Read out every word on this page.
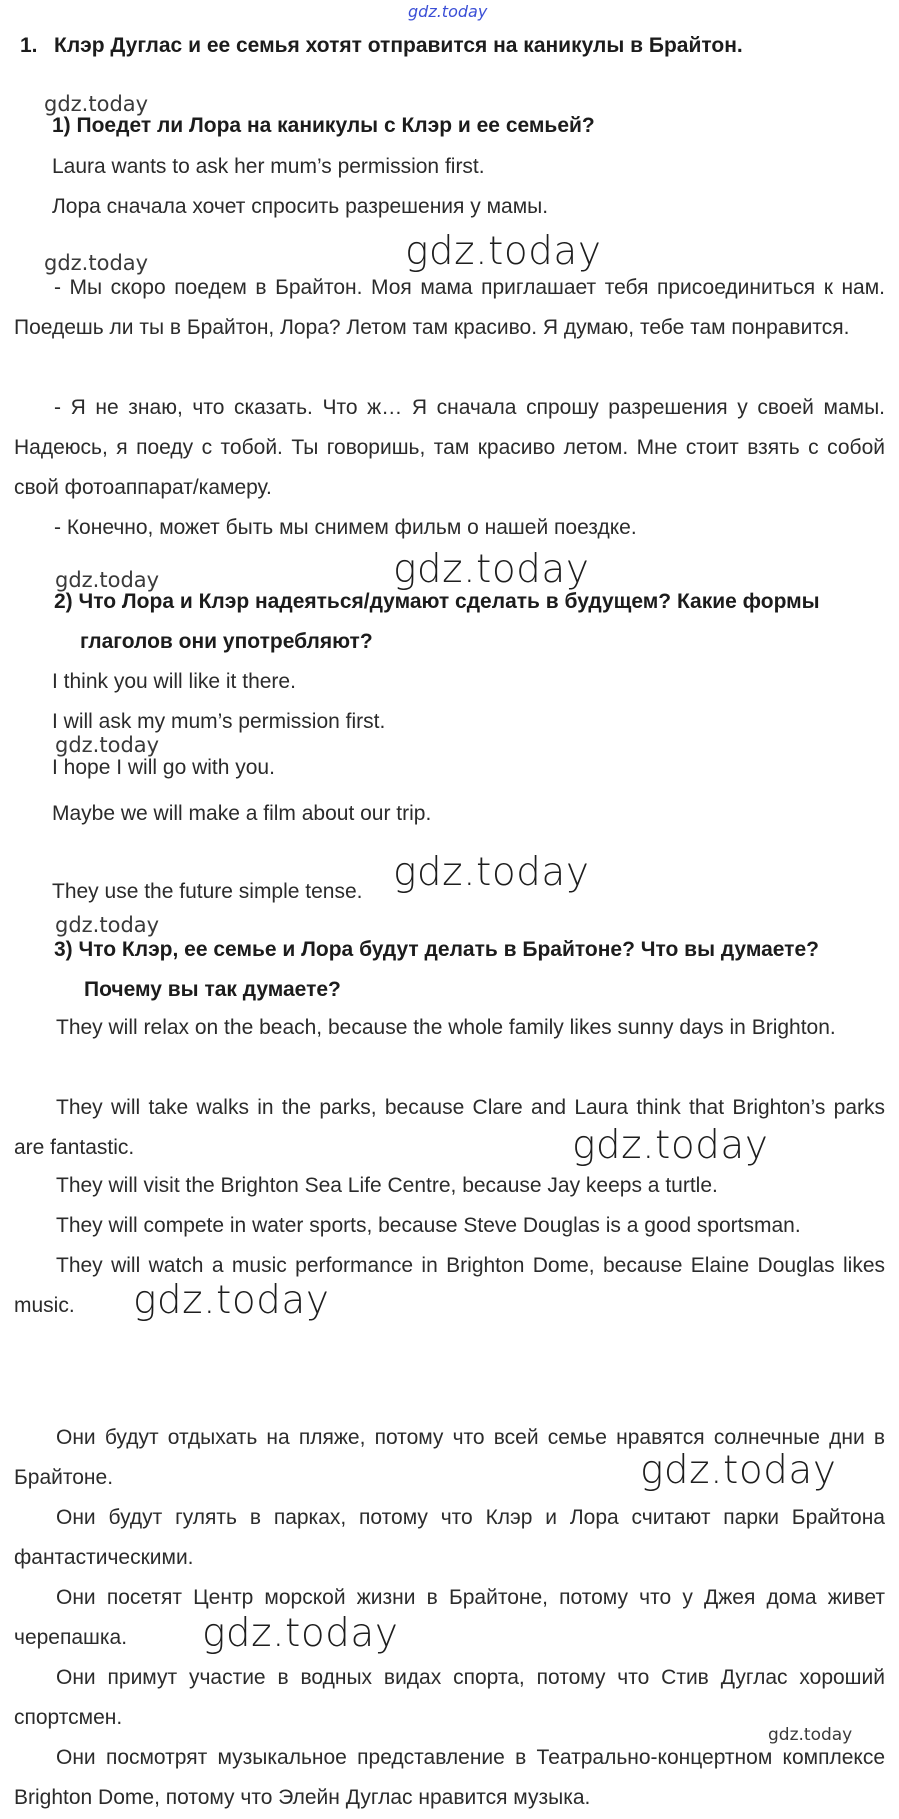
gdz.today
1. Клэр Дуглас и ее семья хотят отправится на каникулы в Брайтон.
gdz.today
1) Поедет ли Лора на каникулы с Клэр и ее семьей?
Laura wants to ask her mum’s permission first.
Лора сначала хочет спросить разрешения у мамы.
gdz.today	gdz.today

- Мы скоро поедем в Брайтон. Моя мама приглашает тебя присоединиться к нам. Поедешь ли ты в Брайтон, Лора? Летом там красиво. Я думаю, тебе там понравится.

- Я не знаю, что сказать. Что ж… Я сначала спрошу разрешения у своей мамы. Надеюсь, я поеду с тобой. Ты говоришь, там красиво летом. Мне стоит взять с собой свой фотоаппарат/камеру.

- Конечно, может быть мы снимем фильм о нашей поездке.

gdz.today	gdz.today
2) Что Лора и Клэр надеяться/думают сделать в будущем? Какие формы
глаголов они употребляют?
I think you will like it there.
I will ask my mum’s permission first.
gdz.today
I hope I will go with you.
Maybe we will make a film about our trip.
They use the future simple tense. gdz.today
gdz.today
3) Что Клэр, ее семье и Лора будут делать в Брайтоне? Что вы думаете?
Почему вы так думаете?

They will relax on the beach, because the whole family likes sunny days in Brighton.

They will take walks in the parks, because Clare and Laura think that Brighton’s parks are fantastic.	gdz.today

They will visit the Brighton Sea Life Centre, because Jay keeps a turtle.

They will compete in water sports, because Steve Douglas is a good sportsman.

They will watch a music performance in Brighton Dome, because Elaine Douglas likes music.	gdz.today

Они будут отдыхать на пляже, потому что всей семье нравятся солнечные дни в Брайтоне.	gdz.today

Они будут гулять в парках, потому что Клэр и Лора считают парки Брайтона фантастическими.

Они посетят Центр морской жизни в Брайтоне, потому что у Джея дома живет черепашка.	gdz.today

Они примут участие в водных видах спорта, потому что Стив Дуглас хороший спортсмен.

gdz.today

Они посмотрят музыкальное представление в Театрально-концертном комплексе Brighton Dome, потому что Элейн Дуглас нравится музыка.
